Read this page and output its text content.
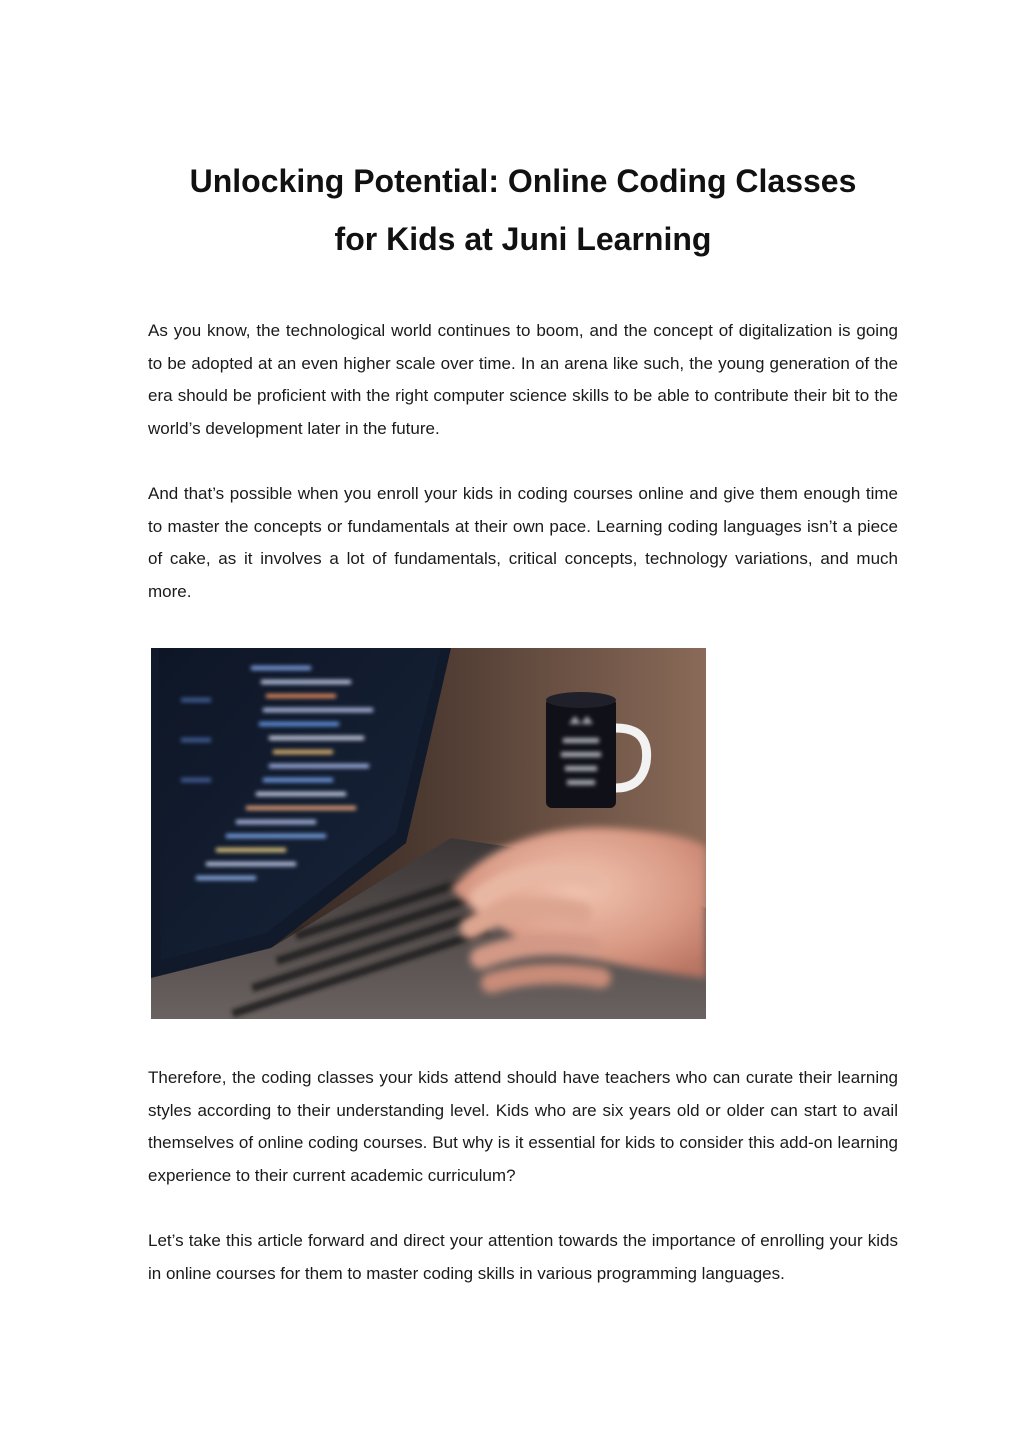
Unlocking Potential: Online Coding Classes
for Kids at Juni Learning

As you know, the technological world continues to boom, and the concept of digitalization is going to be adopted at an even higher scale over time. In an arena like such, the young generation of the era should be proficient with the right computer science skills to be able to contribute their bit to the world’s development later in the future.

And that’s possible when you enroll your kids in coding courses online and give them enough time to master the concepts or fundamentals at their own pace. Learning coding languages isn’t a piece of cake, as it involves a lot of fundamentals, critical concepts, technology variations, and much more.

Therefore, the coding classes your kids attend should have teachers who can curate their learning styles according to their understanding level. Kids who are six years old or older can start to avail themselves of online coding courses. But why is it essential for kids to consider this add-on learning experience to their current academic curriculum?

Let’s take this article forward and direct your attention towards the importance of enrolling your kids in online courses for them to master coding skills in various programming languages.
